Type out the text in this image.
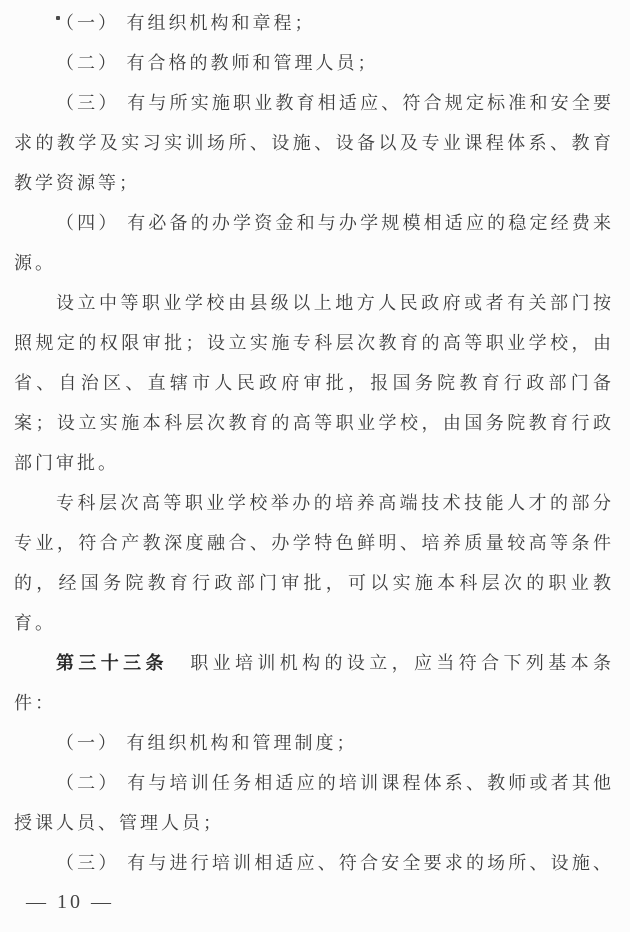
（一） 有组织机构和章程；
（二） 有合格的教师和管理人员；
（三） 有与所实施职业教育相适应、符合规定标准和安全要
求的教学及实习实训场所、设施、设备以及专业课程体系、教育
教学资源等；
（四） 有必备的办学资金和与办学规模相适应的稳定经费来
源。
设立中等职业学校由县级以上地方人民政府或者有关部门按
照规定的权限审批；设立实施专科层次教育的高等职业学校，由
省、自治区、直辖市人民政府审批，报国务院教育行政部门备
案；设立实施本科层次教育的高等职业学校，由国务院教育行政
部门审批。
专科层次高等职业学校举办的培养高端技术技能人才的部分
专业，符合产教深度融合、办学特色鲜明、培养质量较高等条件
的，经国务院教育行政部门审批，可以实施本科层次的职业教
育。
第三十三条　职业培训机构的设立，应当符合下列基本条
件：
（一） 有组织机构和管理制度；
（二） 有与培训任务相适应的培训课程体系、教师或者其他
授课人员、管理人员；
（三） 有与进行培训相适应、符合安全要求的场所、设施、
— 10 —
